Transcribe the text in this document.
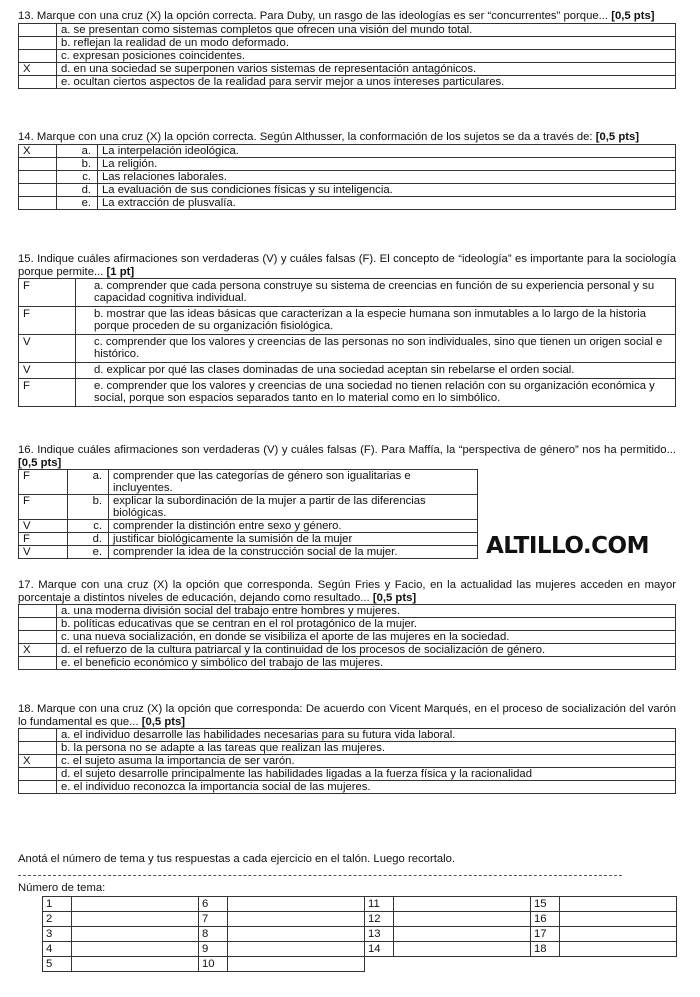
13. Marque con una cruz (X) la opción correcta. Para Duby, un rasgo de las ideologías es ser “concurrentes” porque... [0,5 pts]

	a. se presentan como sistemas completos que ofrecen una visión del mundo total.
	b. reflejan la realidad de un modo deformado.
	c. expresan posiciones coincidentes.
X	d. en una sociedad se superponen varios sistemas de representación antagónicos.
	e. ocultan ciertos aspectos de la realidad para servir mejor a unos intereses particulares.

14. Marque con una cruz (X) la opción correcta. Según Althusser, la conformación de los sujetos se da a través de: [0,5 pts]

X	a.	La interpelación ideológica.
	b.	La religión.
	c.	Las relaciones laborales.
	d.	La evaluación de sus condiciones físicas y su inteligencia.
	e.	La extracción de plusvalía.

15. Indique cuáles afirmaciones son verdaderas (V) y cuáles falsas (F). El concepto de “ideología” es importante para la sociología porque permite... [1 pt]

F	a. comprender que cada persona construye su sistema de creencias en función de su experiencia personal y su capacidad cognitiva individual.
F	b. mostrar que las ideas básicas que caracterizan a la especie humana son inmutables a lo largo de la historia porque proceden de su organización fisiológica.
V	c. comprender que los valores y creencias de las personas no son individuales, sino que tienen un origen social e histórico.
V	d. explicar por qué las clases dominadas de una sociedad aceptan sin rebelarse el orden social.
F	e. comprender que los valores y creencias de una sociedad no tienen relación con su organización económica y social, porque son espacios separados tanto en lo material como en lo simbólico.

16. Indique cuáles afirmaciones son verdaderas (V) y cuáles falsas (F). Para Maffía, la “perspectiva de género” nos ha permitido... [0,5 pts]

F	a.	comprender que las categorías de género son igualitarias e incluyentes.
F	b.	explicar la subordinación de la mujer a partir de las diferencias biológicas.
V	c.	comprender la distinción entre sexo y género.
F	d.	justificar biológicamente la sumisión de la mujer
V	e.	comprender la idea de la construcción social de la mujer.	ALTILLO.COM

17. Marque con una cruz (X) la opción que corresponda. Según Fries y Facio, en la actualidad las mujeres acceden en mayor porcentaje a distintos niveles de educación, dejando como resultado... [0,5 pts]

	a. una moderna división social del trabajo entre hombres y mujeres.
	b. políticas educativas que se centran en el rol protagónico de la mujer.
	c. una nueva socialización, en donde se visibiliza el aporte de las mujeres en la sociedad.
X	d. el refuerzo de la cultura patriarcal y la continuidad de los procesos de socialización de género.
	e. el beneficio económico y simbólico del trabajo de las mujeres.

18. Marque con una cruz (X) la opción que corresponda: De acuerdo con Vicent Marqués, en el proceso de socialización del varón lo fundamental es que... [0,5 pts]

	a. el individuo desarrolle las habilidades necesarias para su futura vida laboral.
	b. la persona no se adapte a las tareas que realizan las mujeres.
X	c. el sujeto asuma la importancia de ser varón.
	d. el sujeto desarrolle principalmente las habilidades ligadas a la fuerza física y la racionalidad
	e. el individuo reconozca la importancia social de las mujeres.
Anotá el número de tema y tus respuestas a cada ejercicio en el talón. Luego recortalo.
Número de tema:
1		6		11		15	
2		7		12		16	
3		8		13		17	
4		9		14		18	
5		10					
